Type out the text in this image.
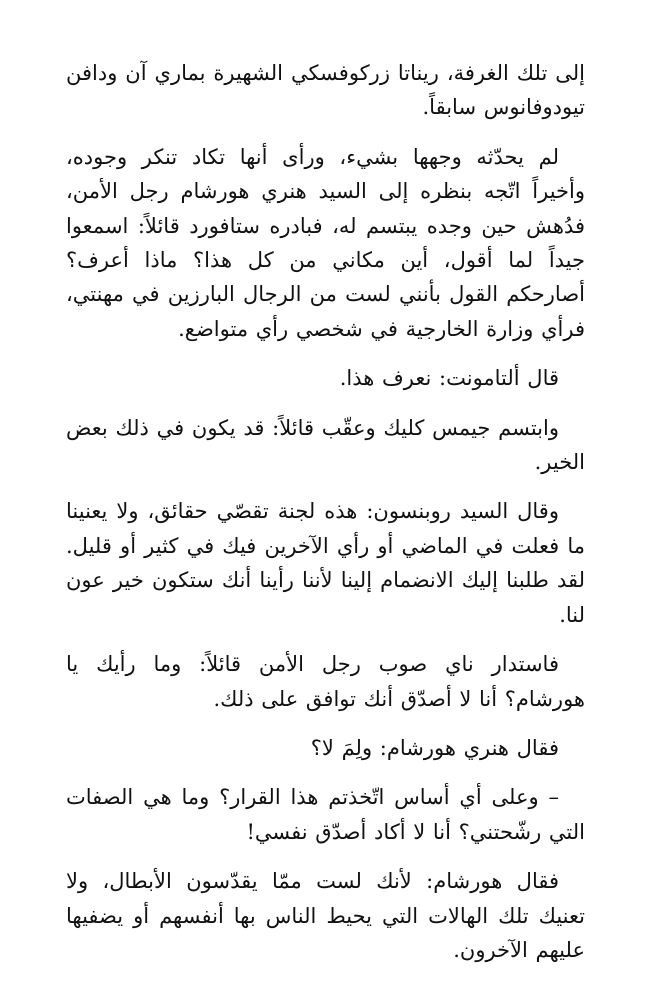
إلى تلك الغرفة، ريناتا زركوفسكي الشهيرة بماري آن ودافن تيودوفانوس سابقاً.

لم يحدّثه وجهها بشيء، ورأى أنها تكاد تنكر وجوده، وأخيراً اتّجه بنظره إلى السيد هنري هورشام رجل الأمن، فدُهش حين وجده يبتسم له، فبادره ستافورد قائلاً: اسمعوا جيداً لما أقول، أين مكاني من كل هذا؟ ماذا أعرف؟ أصارحكم القول بأنني لست من الرجال البارزين في مهنتي، فرأي وزارة الخارجية في شخصي رأي متواضع.

قال ألتامونت: نعرف هذا.

وابتسم جيمس كليك وعقّب قائلاً: قد يكون في ذلك بعض الخير.

وقال السيد روبنسون: هذه لجنة تقصّي حقائق، ولا يعنينا ما فعلت في الماضي أو رأي الآخرين فيك في كثير أو قليل. لقد طلبنا إليك الانضمام إلينا لأننا رأينا أنك ستكون خير عون لنا.

فاستدار ناي صوب رجل الأمن قائلاً: وما رأيك يا هورشام؟ أنا لا أصدّق أنك توافق على ذلك.

فقال هنري هورشام: ولِمَ لا؟

– وعلى أي أساس اتّخذتم هذا القرار؟ وما هي الصفات التي رشّحتني؟ أنا لا أكاد أصدّق نفسي!

فقال هورشام: لأنك لست ممّا يقدّسون الأبطال، ولا تعنيك تلك الهالات التي يحيط الناس بها أنفسهم أو يضفيها عليهم الآخرون.
